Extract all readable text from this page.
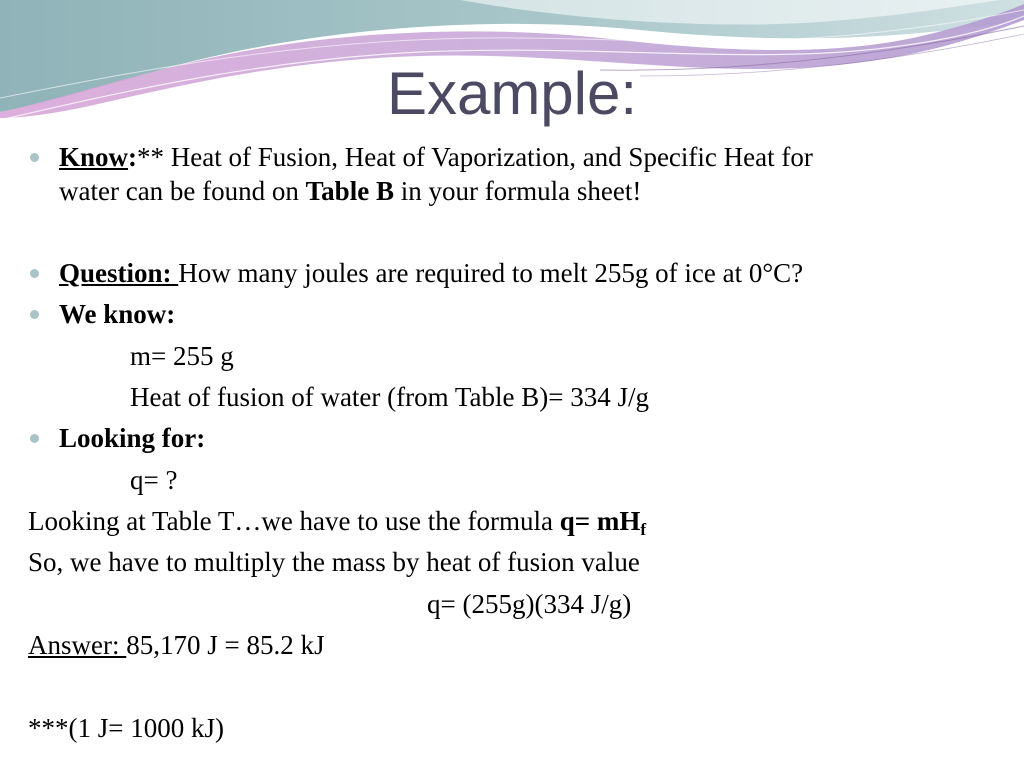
Example:
Know:** Heat of Fusion, Heat of Vaporization, and Specific Heat for
water can be found on Table B in your formula sheet!
Question: How many joules are required to melt 255g of ice at 0°C?
We know:
m= 255 g
Heat of fusion of water (from Table B)= 334 J/g
Looking for:
q= ?
Looking at Table T…we have to use the formula $q= mH_f$
So, we have to multiply the mass by heat of fusion value
q= (255g)(334 J/g)
Answer: 85,170 J = 85.2 kJ
***(1 J= 1000 kJ)
